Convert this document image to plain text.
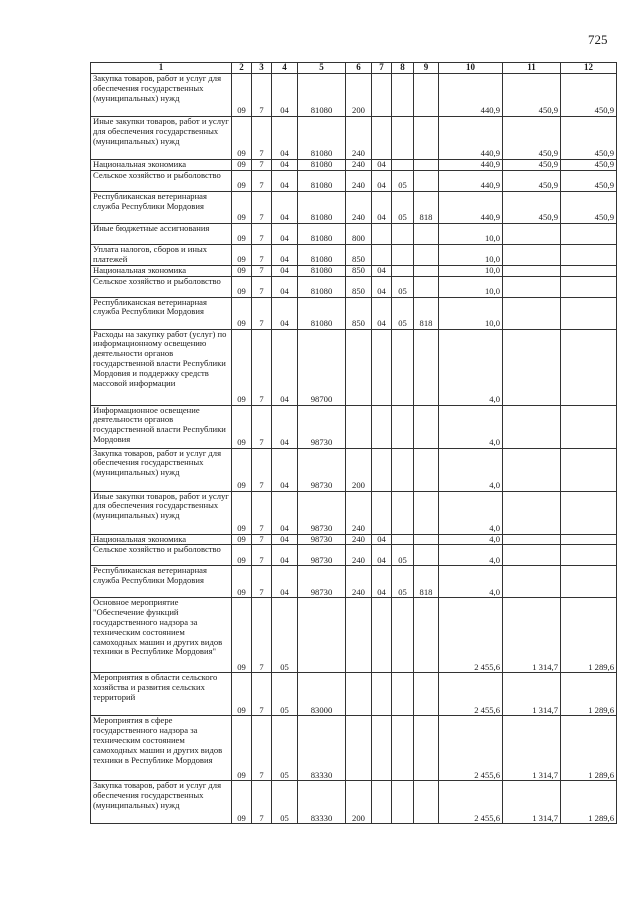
725
1	2	3	4	5	6	7	8	9	10	11	12
Закупка товаров, работ и услуг для обеспечения государственных (муниципальных) нужд	09	7	04	81080	200				440,9	450,9	450,9
Иные закупки товаров, работ и услуг для обеспечения государственных (муниципальных) нужд	09	7	04	81080	240				440,9	450,9	450,9
Национальная экономика	09	7	04	81080	240	04			440,9	450,9	450,9
Сельское хозяйство и рыболовство	09	7	04	81080	240	04	05		440,9	450,9	450,9
Республиканская ветеринарная служба Республики Мордовия	09	7	04	81080	240	04	05	818	440,9	450,9	450,9
Иные бюджетные ассигнования	09	7	04	81080	800				10,0		
Уплата налогов, сборов и иных платежей	09	7	04	81080	850				10,0		
Национальная экономика	09	7	04	81080	850	04			10,0		
Сельское хозяйство и рыболовство	09	7	04	81080	850	04	05		10,0		
Республиканская ветеринарная служба Республики Мордовия	09	7	04	81080	850	04	05	818	10,0		
Расходы на закупку работ (услуг) по информационному освещению деятельности органов государственной власти Республики Мордовия и поддержку средств массовой информации	09	7	04	98700					4,0		
Информационное освещение деятельности органов государственной власти Республики Мордовия	09	7	04	98730					4,0		
Закупка товаров, работ и услуг для обеспечения государственных (муниципальных) нужд	09	7	04	98730	200				4,0		
Иные закупки товаров, работ и услуг для обеспечения государственных (муниципальных) нужд	09	7	04	98730	240				4,0		
Национальная экономика	09	7	04	98730	240	04			4,0		
Сельское хозяйство и рыболовство	09	7	04	98730	240	04	05		4,0		
Республиканская ветеринарная служба Республики Мордовия	09	7	04	98730	240	04	05	818	4,0		
Основное мероприятие "Обеспечение функций государственного надзора за техническим состоянием самоходных машин и других видов техники в Республике Мордовия"	09	7	05						2 455,6	1 314,7	1 289,6
Мероприятия в области сельского хозяйства и развития сельских территорий	09	7	05	83000					2 455,6	1 314,7	1 289,6
Мероприятия в сфере государственного надзора за техническим состоянием самоходных машин и других видов техники в Республике Мордовия	09	7	05	83330					2 455,6	1 314,7	1 289,6
Закупка товаров, работ и услуг для обеспечения государственных (муниципальных) нужд	09	7	05	83330	200				2 455,6	1 314,7	1 289,6
